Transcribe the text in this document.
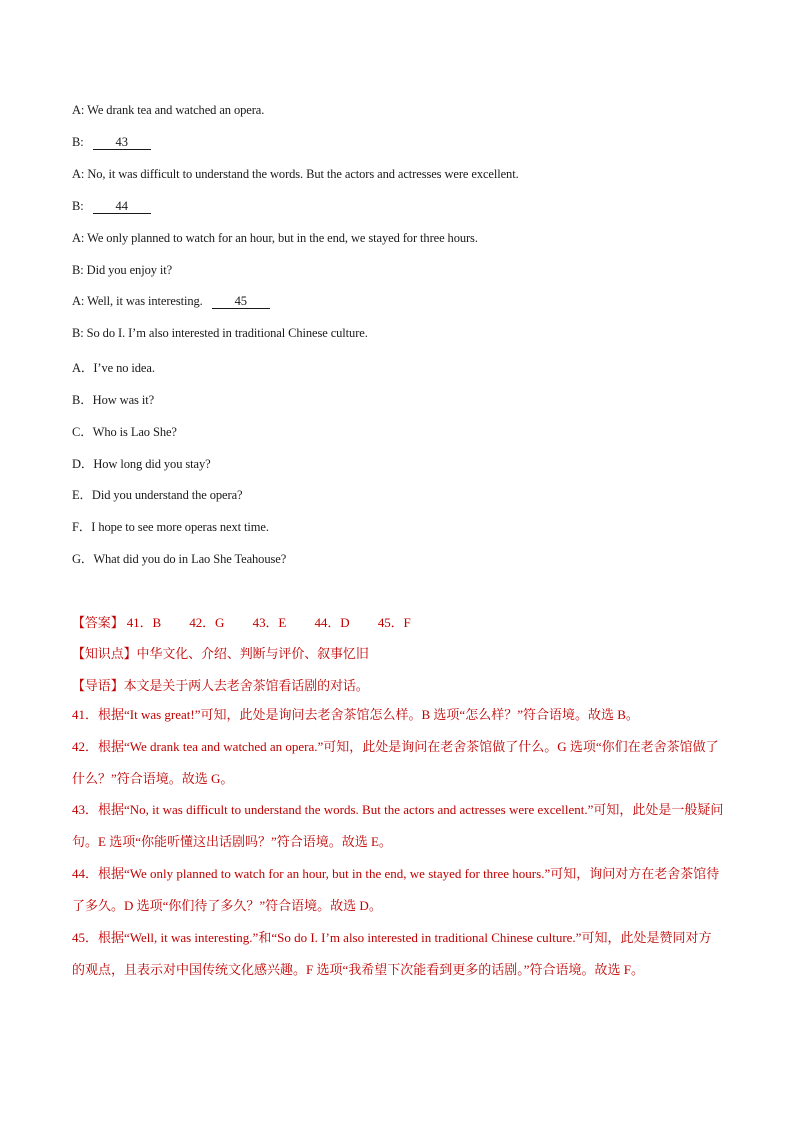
A: We drank tea and watched an opera.
B:	43
A: No, it was difficult to understand the words. But the actors and actresses were excellent.
B:	44
A: We only planned to watch for an hour, but in the end, we stayed for three hours.
B: Did you enjoy it?
A: Well, it was interesting.	45
B: So do I. I’m also interested in traditional Chinese culture.
A．I’ve no idea.
B．How was it?
C．Who is Lao She?
D．How long did you stay?
E．Did you understand the opera?
F．I hope to see more operas next time.
G．What did you do in Lao She Teahouse?
【答案】 41．B 42．G 43．E 44．D 45．F
【知识点】中华文化、介绍、判断与评价、叙事忆旧
【导语】本文是关于两人去老舍茶馆看话剧的对话。
41．根据“It was great!”可知，此处是询问去老舍茶馆怎么样。B 选项“怎么样？”符合语境。故选 B。
42．根据“We drank tea and watched an opera.”可知，此处是询问在老舍茶馆做了什么。G 选项“你们在老舍茶馆做了什么？”符合语境。故选 G。
43．根据“No, it was difficult to understand the words. But the actors and actresses were excellent.”可知，此处是一般疑问句。E 选项“你能听懂这出话剧吗？”符合语境。故选 E。
44．根据“We only planned to watch for an hour, but in the end, we stayed for three hours.”可知，询问对方在老舍茶馆待了多久。D 选项“你们待了多久？”符合语境。故选 D。
45．根据“Well, it was interesting.”和“So do I. I’m also interested in traditional Chinese culture.”可知，此处是赞同对方的观点，且表示对中国传统文化感兴趣。F 选项“我希望下次能看到更多的话剧。”符合语境。故选 F。
